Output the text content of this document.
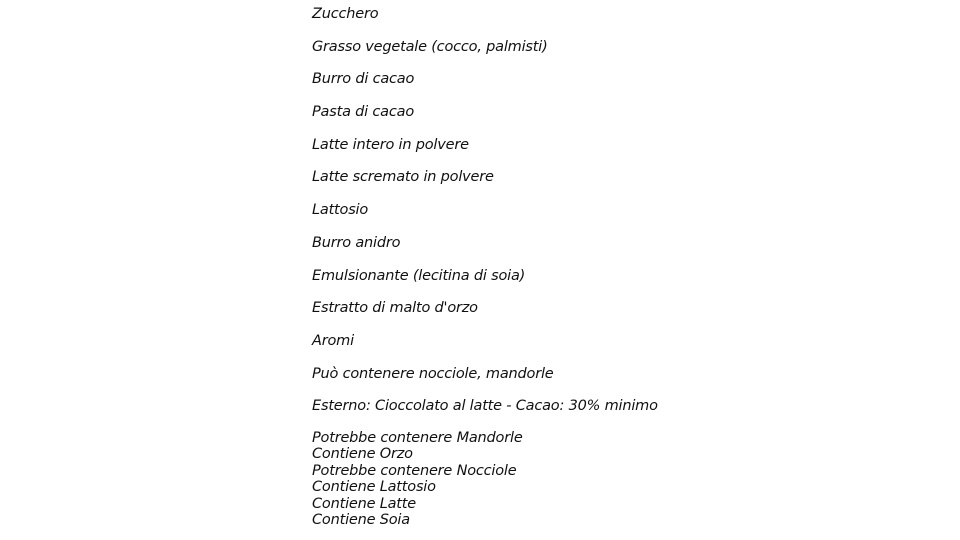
Zucchero
Grasso vegetale (cocco, palmisti)
Burro di cacao
Pasta di cacao
Latte intero in polvere
Latte scremato in polvere
Lattosio
Burro anidro
Emulsionante (lecitina di soia)
Estratto di malto d'orzo
Aromi
Può contenere nocciole, mandorle
Esterno: Cioccolato al latte - Cacao: 30% minimo
Potrebbe contenere Mandorle
Contiene Orzo
Potrebbe contenere Nocciole
Contiene Lattosio
Contiene Latte
Contiene Soia
